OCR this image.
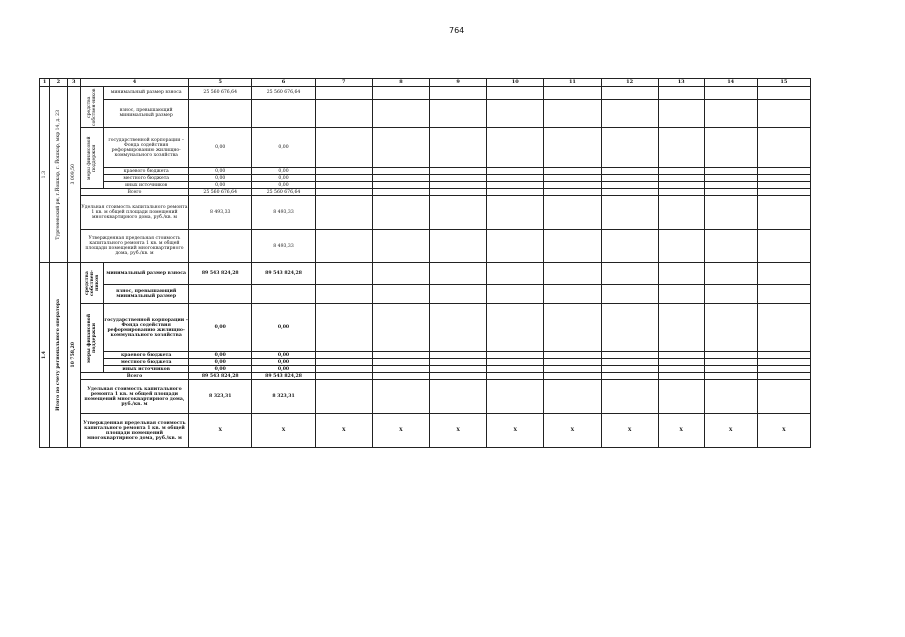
764
1	2	3	4		5	6	7	8	9	10	11	12	13	14	15

1.3	Тургеневский рн, г.Йошкар, г. Йошкар, мкр 14, д. 23	3 009,50	средства собствен-ников	минимальный размер взноса	25 560 676,64	25 560 676,64									
				взнос, превышающий минимальный размер											

			меры финансовой поддержки	государственной корпорации – Фонда содействия реформированию жилищно-коммунального хозяйства	0,00	0,00									
				краевого бюджета	0,00	0,00									
				местного бюджета	0,00	0,00									
				иных источников	0,00	0,00									
			Всего		25 560 676,64	25 560 676,64									
			Удельная стоимость капитального ремонта 1 кв. м общей площади помещений многоквартирного дома, руб./кв. м		8 493,33	8 493,33									
			Утвержденная предельная стоимость капитального ремонта 1 кв. м общей площади помещений многоквартирного дома, руб./кв. м			8 493,33									

1.4	Итого по счету регионального оператора	10 758,20	средства собствен-ников	минимальный размер взноса	89 543 824,28	89 543 824,28									
				взнос, превышающий минимальный размер											

			меры финансовой поддержки	государственной корпорации – Фонда содействия реформированию жилищно-коммунального хозяйства	0,00	0,00									
				краевого бюджета	0,00	0,00									
				местного бюджета	0,00	0,00									
				иных источников	0,00	0,00									
			Всего		89 543 824,28	89 543 824,28									
			Удельная стоимость капитального ремонта 1 кв. м общей площади помещений многоквартирного дома, руб./кв. м		8 323,31	8 323,31									
			Утвержденная предельная стоимость капитального ремонта 1 кв. м общей площади помещений многоквартирного дома, руб./кв. м		X	X	X	X	X	X	X	X	X	X	X
